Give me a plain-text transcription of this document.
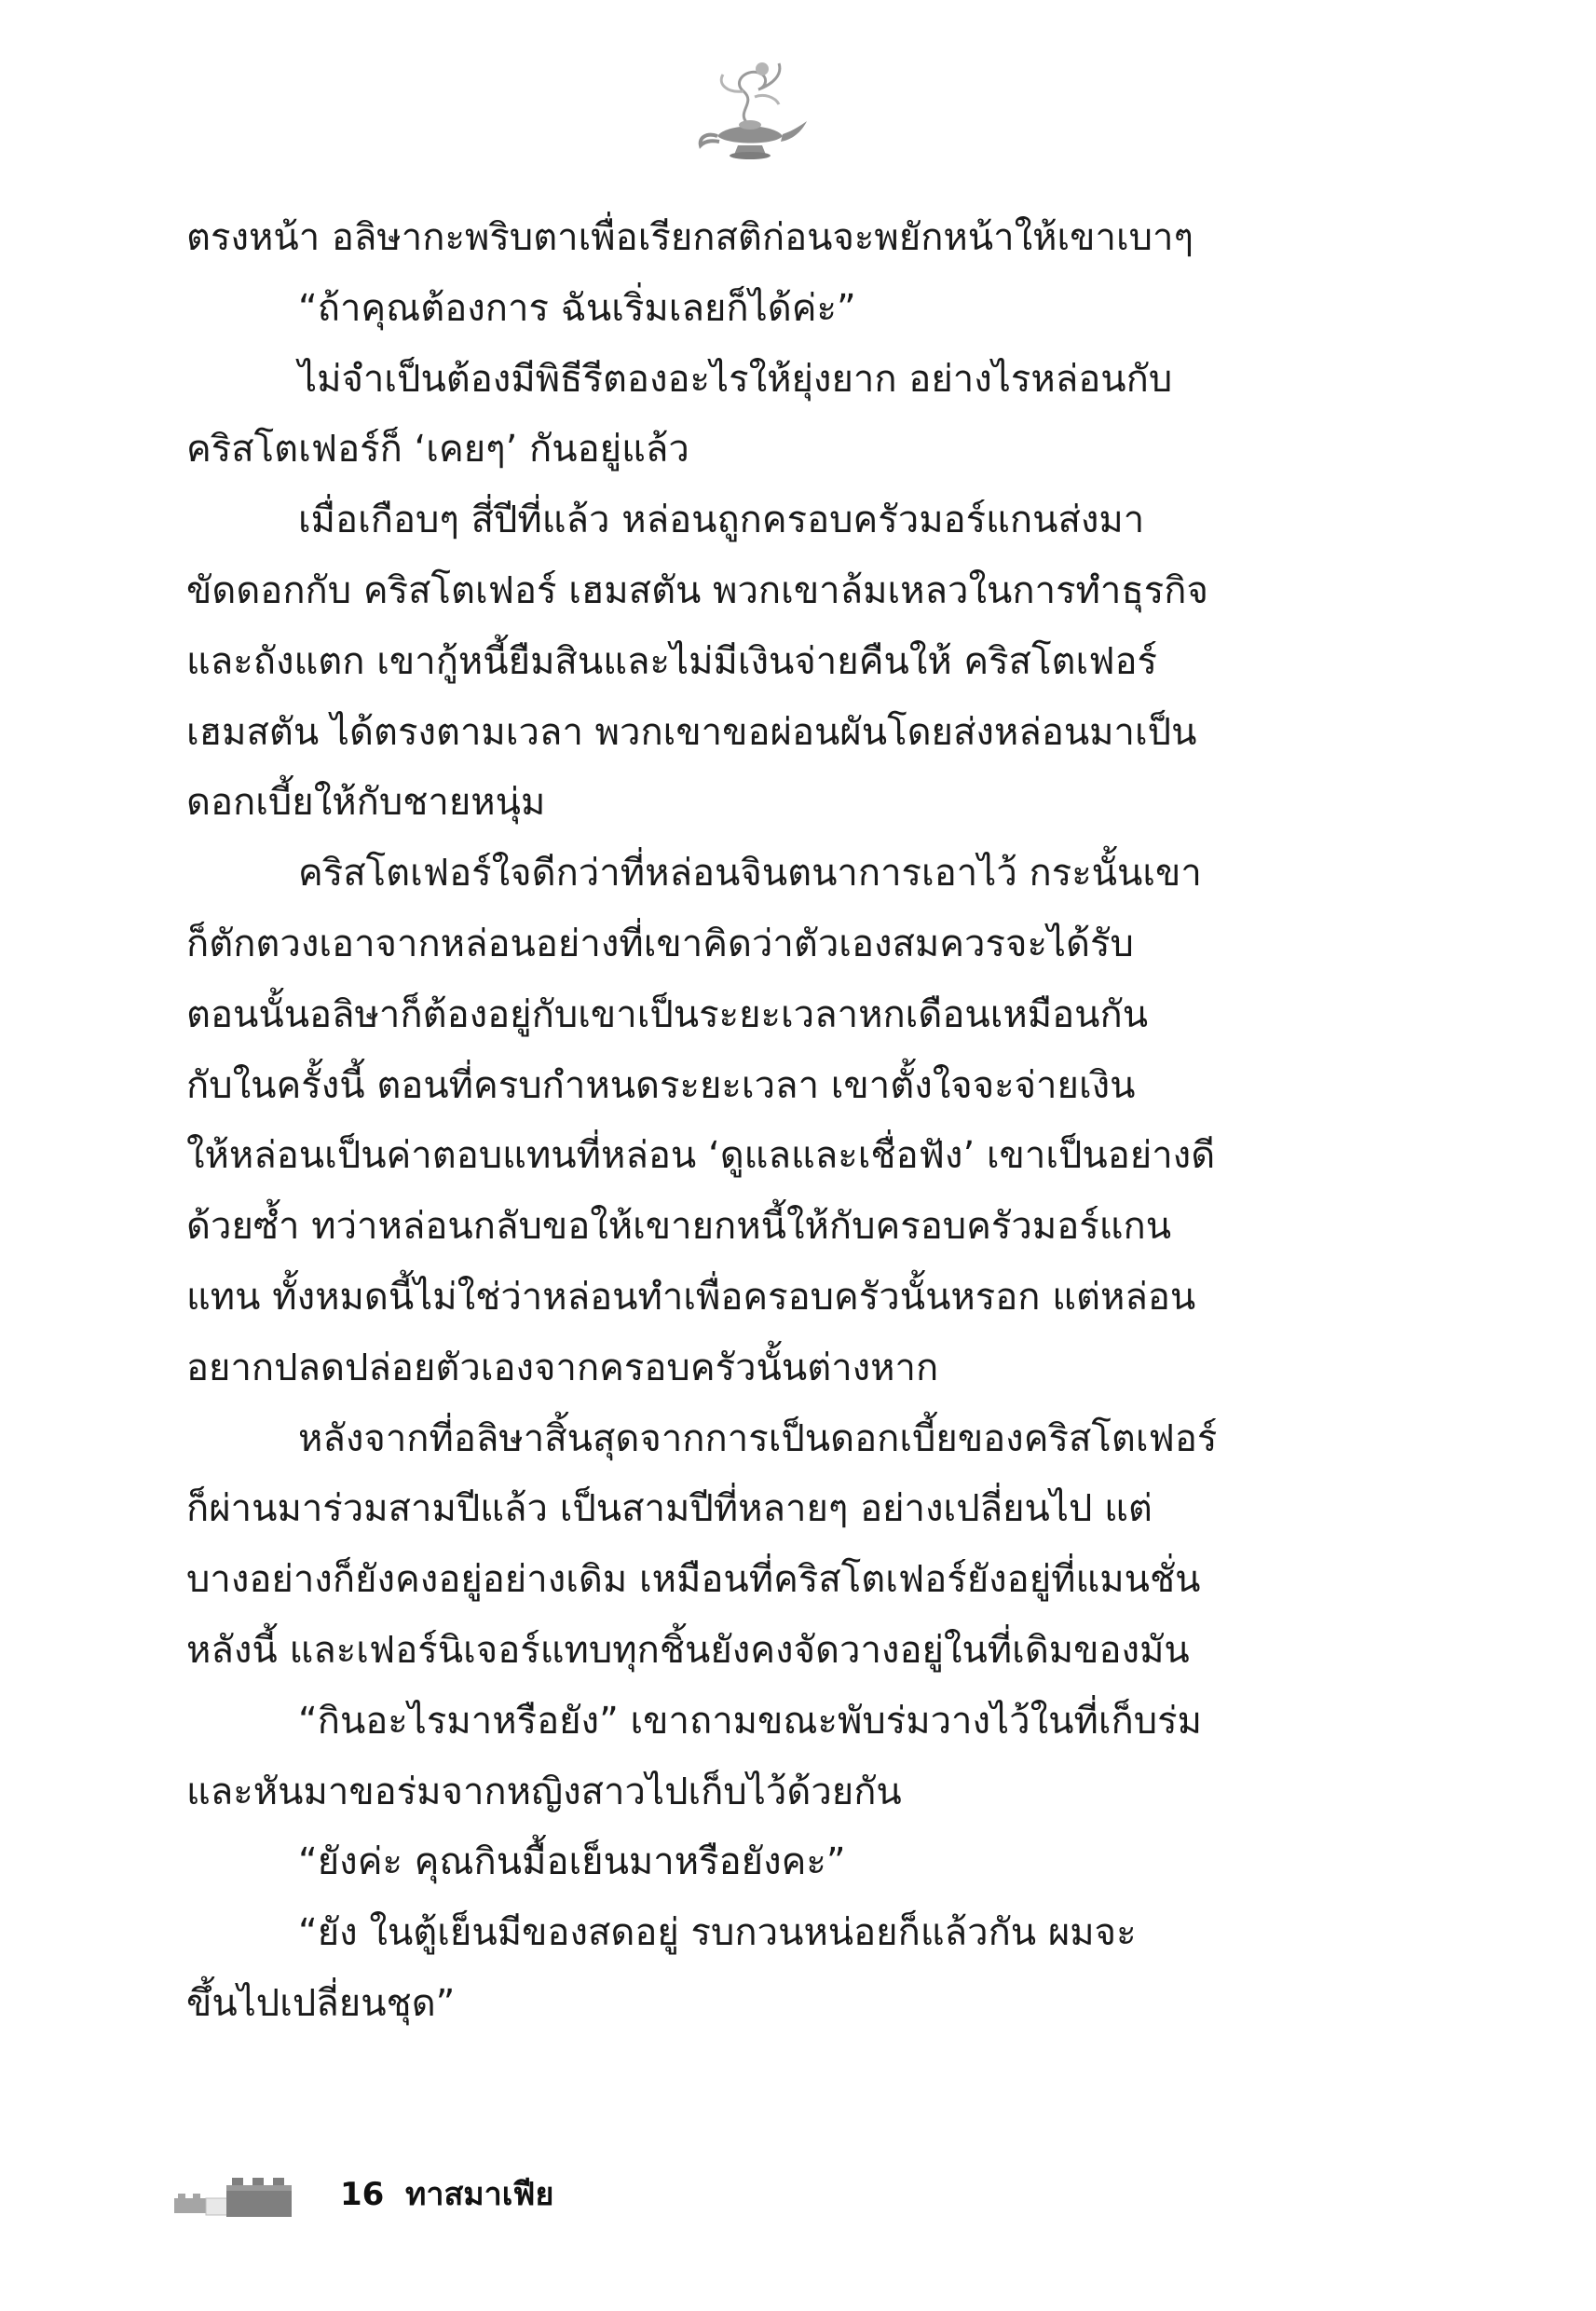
ตรงหน้า อลิษากะพริบตาเพื่อเรียกสติก่อนจะพยักหน้าให้เขาเบาๆ
“ถ้าคุณต้องการ ฉันเริ่มเลยก็ได้ค่ะ”
ไม่จำเป็นต้องมีพิธีรีตองอะไรให้ยุ่งยาก อย่างไรหล่อนกับ
คริสโตเฟอร์ก็ ‘เคยๆ’ กันอยู่แล้ว
เมื่อเกือบๆ สี่ปีที่แล้ว หล่อนถูกครอบครัวมอร์แกนส่งมา
ขัดดอกกับ คริสโตเฟอร์ เฮมสตัน พวกเขาล้มเหลวในการทำธุรกิจ
และถังแตก เขากู้หนี้ยืมสินและไม่มีเงินจ่ายคืนให้ คริสโตเฟอร์
เฮมสตัน ได้ตรงตามเวลา พวกเขาขอผ่อนผันโดยส่งหล่อนมาเป็น
ดอกเบี้ยให้กับชายหนุ่ม
คริสโตเฟอร์ใจดีกว่าที่หล่อนจินตนาการเอาไว้ กระนั้นเขา
ก็ตักตวงเอาจากหล่อนอย่างที่เขาคิดว่าตัวเองสมควรจะได้รับ
ตอนนั้นอลิษาก็ต้องอยู่กับเขาเป็นระยะเวลาหกเดือนเหมือนกัน
กับในครั้งนี้ ตอนที่ครบกำหนดระยะเวลา เขาตั้งใจจะจ่ายเงิน
ให้หล่อนเป็นค่าตอบแทนที่หล่อน ‘ดูแลและเชื่อฟัง’ เขาเป็นอย่างดี
ด้วยซ้ำ ทว่าหล่อนกลับขอให้เขายกหนี้ให้กับครอบครัวมอร์แกน
แทน ทั้งหมดนี้ไม่ใช่ว่าหล่อนทำเพื่อครอบครัวนั้นหรอก แต่หล่อน
อยากปลดปล่อยตัวเองจากครอบครัวนั้นต่างหาก
หลังจากที่อลิษาสิ้นสุดจากการเป็นดอกเบี้ยของคริสโตเฟอร์
ก็ผ่านมาร่วมสามปีแล้ว เป็นสามปีที่หลายๆ อย่างเปลี่ยนไป แต่
บางอย่างก็ยังคงอยู่อย่างเดิม เหมือนที่คริสโตเฟอร์ยังอยู่ที่แมนชั่น
หลังนี้ และเฟอร์นิเจอร์แทบทุกชิ้นยังคงจัดวางอยู่ในที่เดิมของมัน
“กินอะไรมาหรือยัง” เขาถามขณะพับร่มวางไว้ในที่เก็บร่ม
และหันมาขอร่มจากหญิงสาวไปเก็บไว้ด้วยกัน
“ยังค่ะ คุณกินมื้อเย็นมาหรือยังคะ”
“ยัง ในตู้เย็นมีของสดอยู่ รบกวนหน่อยก็แล้วกัน ผมจะ
ขึ้นไปเปลี่ยนชุด”
16 ทาสมาเฟีย
